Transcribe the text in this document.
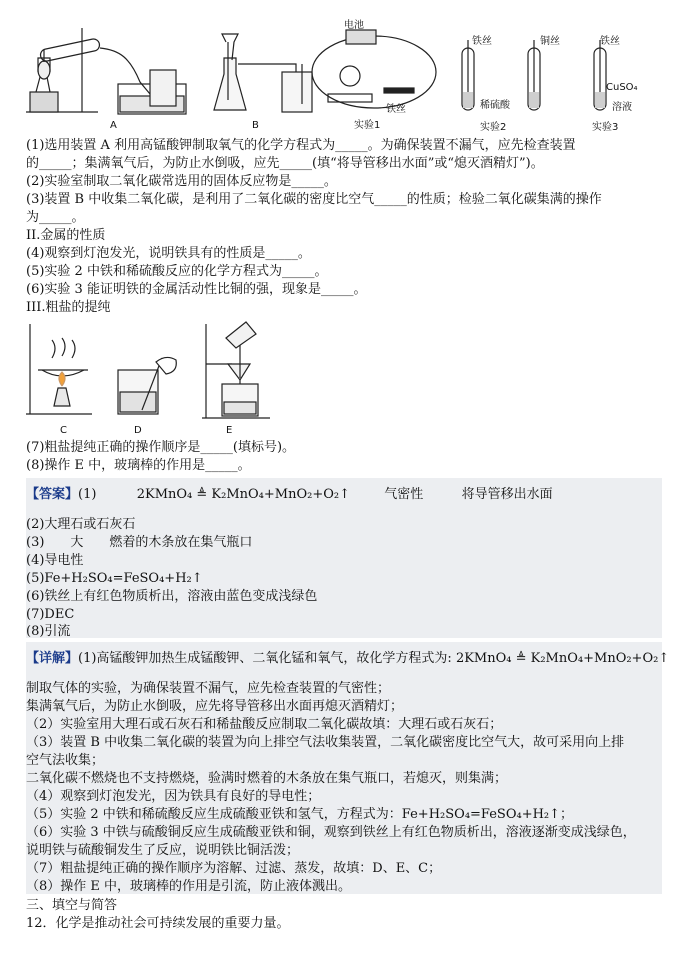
A	B
电池
铁丝
实验1
铁丝	铜丝
稀硫酸
实验2
铁丝
CuSO₄
溶液
实验3
(1)选用装置 A 利用高锰酸钾制取氧气的化学方程式为_____。为确保装置不漏气，应先检查装置
的_____；集满氧气后，为防止水倒吸，应先_____(填“将导管移出水面”或“熄灭酒精灯”)。
(2)实验室制取二氧化碳常选用的固体反应物是_____。
(3)装置 B 中收集二氧化碳，是利用了二氧化碳的密度比空气_____的性质；检验二氧化碳集满的操作
为_____。
II.金属的性质
(4)观察到灯泡发光，说明铁具有的性质是_____。
(5)实验 2 中铁和稀硫酸反应的化学方程式为_____。
(6)实验 3 能证明铁的金属活动性比铜的强，现象是_____。
III.粗盐的提纯
C	D	E
(7)粗盐提纯正确的操作顺序是_____(填标号)。
(8)操作 E 中，玻璃棒的作用是_____。
【答案】(1)	2KMnO₄ ≜ K₂MnO₄+MnO₂+O₂↑	气密性	将导管移出水面
(2)大理石或石灰石
(3)　　大　　燃着的木条放在集气瓶口
(4)导电性
(5)Fe+H₂SO₄=FeSO₄+H₂↑
(6)铁丝上有红色物质析出，溶液由蓝色变成浅绿色
(7)DEC
(8)引流
【详解】(1)高锰酸钾加热生成锰酸钾、二氧化锰和氧气，故化学方程式为: 2KMnO₄ ≜ K₂MnO₄+MnO₂+O₂↑
制取气体的实验，为确保装置不漏气，应先检查装置的气密性；
集满氧气后，为防止水倒吸，应先将导管移出水面再熄灭酒精灯；
（2）实验室用大理石或石灰石和稀盐酸反应制取二氧化碳故填：大理石或石灰石；
（3）装置 B 中收集二氧化碳的装置为向上排空气法收集装置，二氧化碳密度比空气大，故可采用向上排
空气法收集；
二氧化碳不燃烧也不支持燃烧，验满时燃着的木条放在集气瓶口，若熄灭，则集满；
（4）观察到灯泡发光，因为铁具有良好的导电性；
（5）实验 2 中铁和稀硫酸反应生成硫酸亚铁和氢气，方程式为：Fe+H₂SO₄=FeSO₄+H₂↑；
（6）实验 3 中铁与硫酸铜反应生成硫酸亚铁和铜，观察到铁丝上有红色物质析出，溶液逐渐变成浅绿色，
说明铁与硫酸铜发生了反应，说明铁比铜活泼；
（7）粗盐提纯正确的操作顺序为溶解、过滤、蒸发，故填：D、E、C；
（8）操作 E 中，玻璃棒的作用是引流，防止液体溅出。
三、填空与简答
12．化学是推动社会可持续发展的重要力量。
